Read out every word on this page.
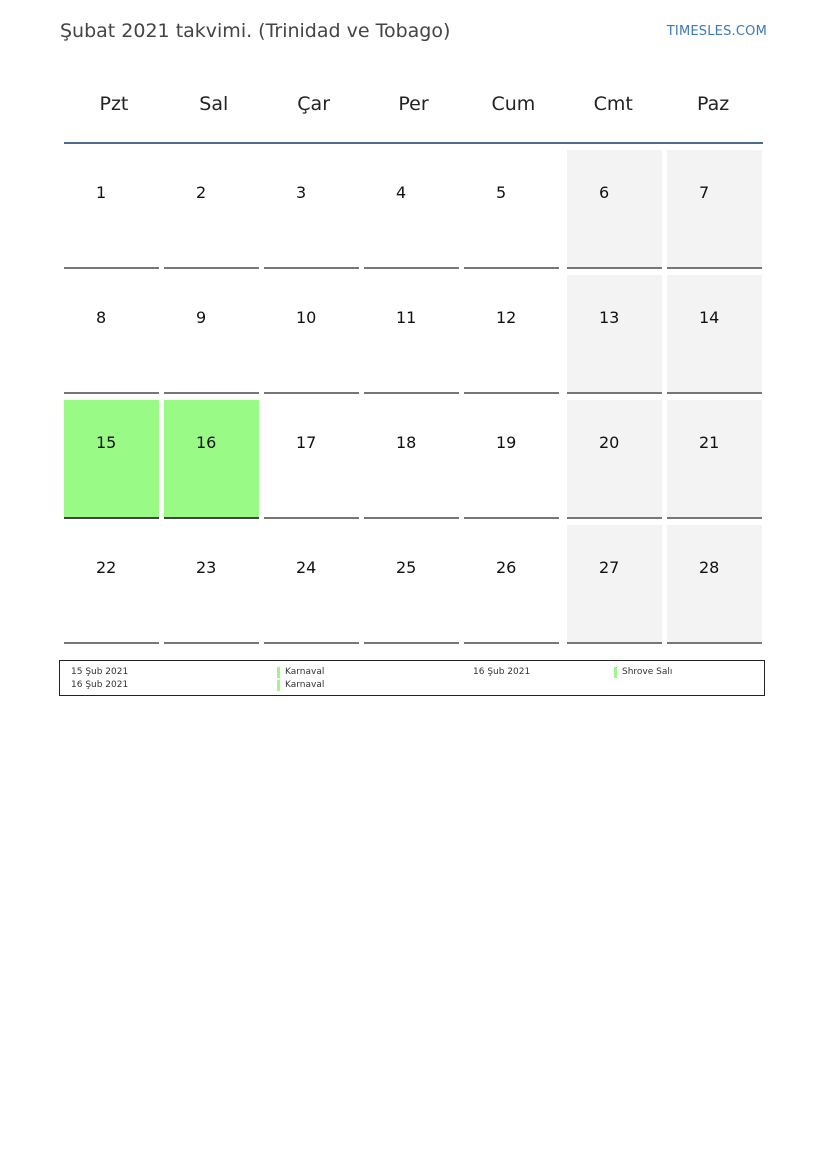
Şubat 2021 takvimi. (Trinidad ve Tobago)	TIMESLES.COM
Pzt	Sal	Çar	Per	Cum	Cmt	Paz
1	2	3	4	5	6	7
8	9	10	11	12	13	14
15	16	17	18	19	20	21
22	23	24	25	26	27	28
15 Şub 2021	Karnaval
16 Şub 2021	Karnaval
16 Şub 2021	Shrove Salı
